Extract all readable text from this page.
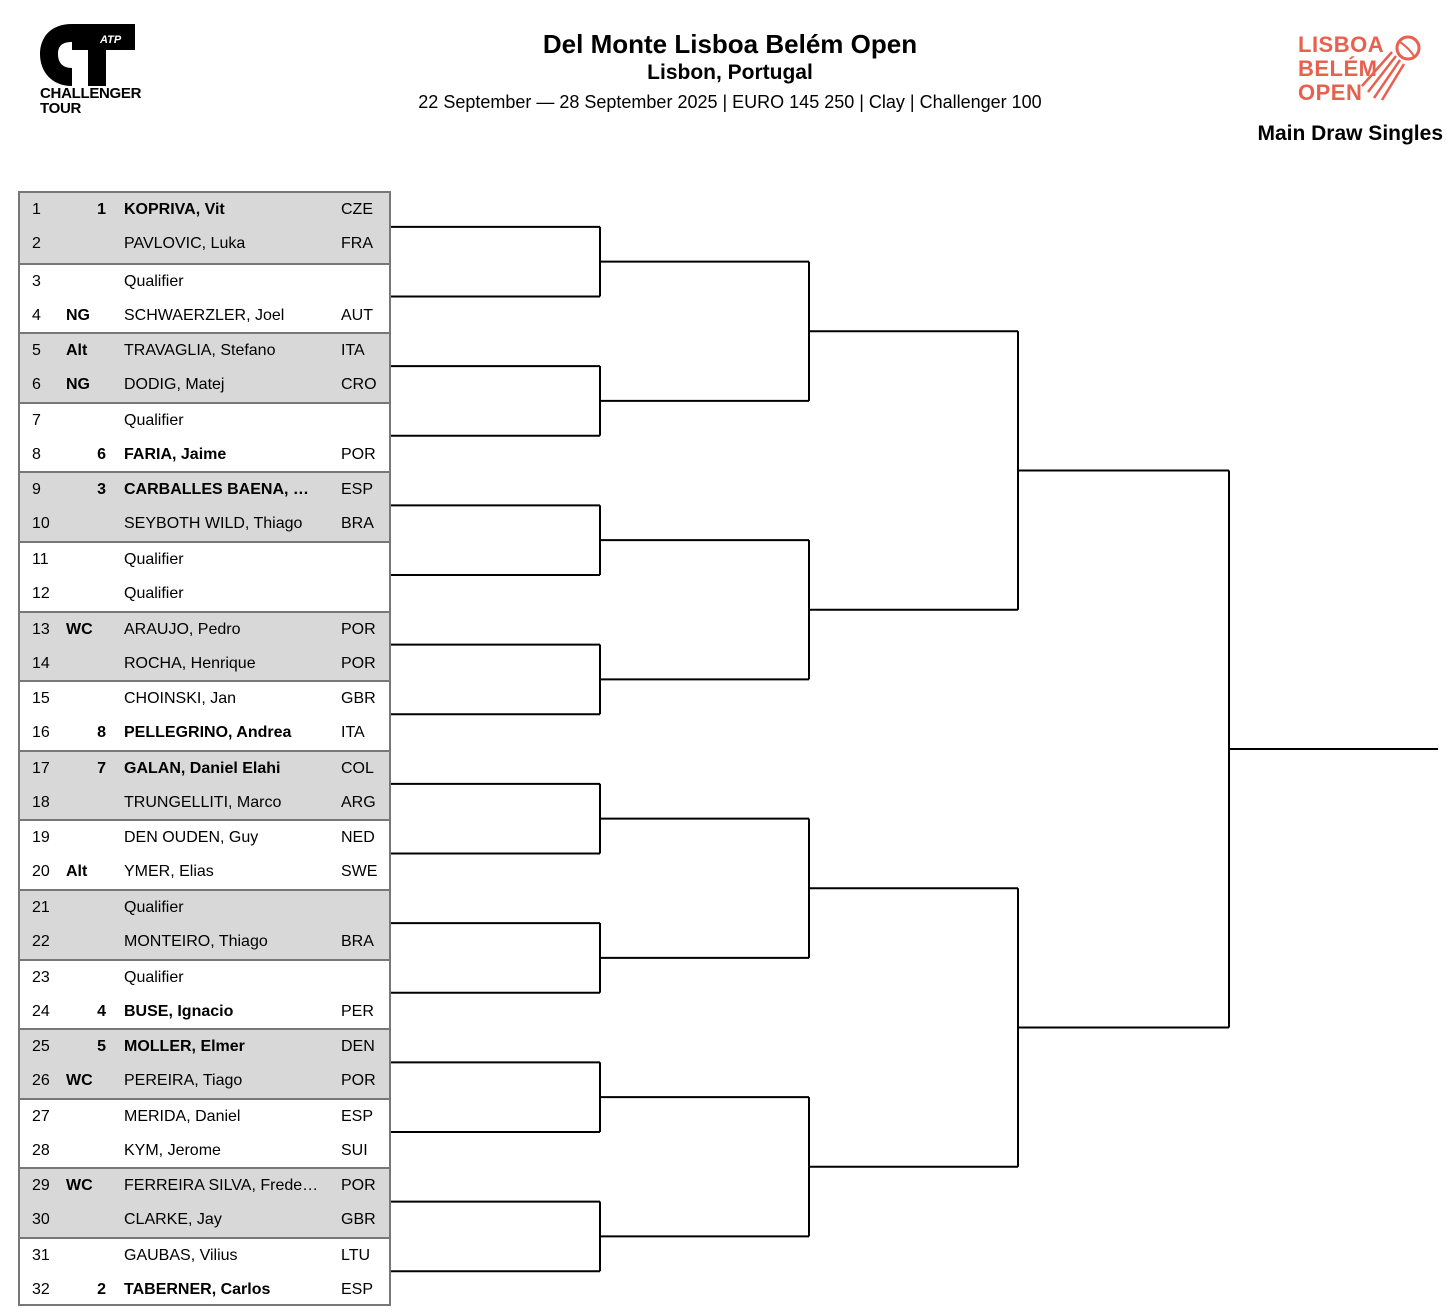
ATP
CHALLENGER
TOUR
Del Monte Lisboa Belém Open
Lisbon, Portugal
22 September — 28 September 2025 | EURO 145 250 | Clay | Challenger 100
LISBOA
BELÉM
OPEN
Main Draw Singles
1	1 KOPRIVA, Vit	CZE
2	PAVLOVIC, Luka	FRA
3	Qualifier
4 NG SCHWAERZLER, Joel	AUT
5 Alt TRAVAGLIA, Stefano	ITA
6 NG DODIG, Matej	CRO
7	Qualifier
8	6 FARIA, Jaime	POR
9	3 CARBALLES BAENA, …	ESP
10	SEYBOTH WILD, Thiago	BRA
11	Qualifier
12	Qualifier
13 WC ARAUJO, Pedro	POR
14	ROCHA, Henrique	POR
15	CHOINSKI, Jan	GBR
16	8 PELLEGRINO, Andrea	ITA
17	7 GALAN, Daniel Elahi	COL
18	TRUNGELLITI, Marco	ARG
19	DEN OUDEN, Guy	NED
20 Alt YMER, Elias	SWE
21	Qualifier
22	MONTEIRO, Thiago	BRA
23	Qualifier
24	4 BUSE, Ignacio	PER
25	5 MOLLER, Elmer	DEN
26 WC PEREIRA, Tiago	POR
27	MERIDA, Daniel	ESP
28	KYM, Jerome	SUI
29 WC FERREIRA SILVA, Frede…	POR
30	CLARKE, Jay	GBR
31	GAUBAS, Vilius	LTU
32	2 TABERNER, Carlos	ESP
